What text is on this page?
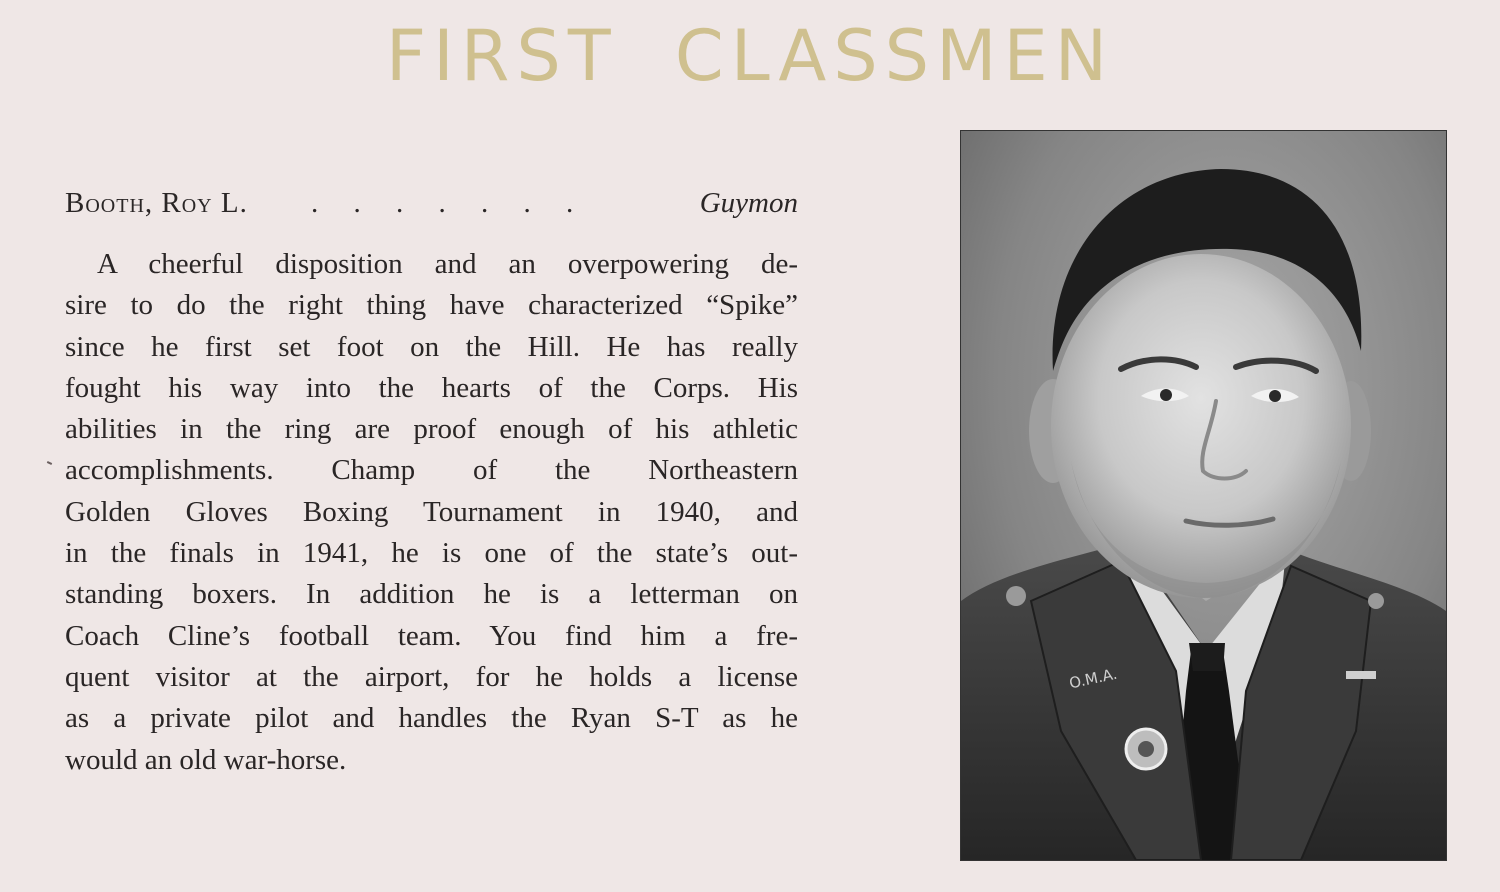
FIRST CLASSMEN
Booth, Roy L. . . . . . . .	Guymon
A cheerful disposition and an overpowering de-
sire to do the right thing have characterized “Spike”
since he first set foot on the Hill. He has really
fought his way into the hearts of the Corps. His
abilities in the ring are proof enough of his athletic
accomplishments. Champ of the Northeastern
Golden Gloves Boxing Tournament in 1940, and
in the finals in 1941, he is one of the state’s out-
standing boxers. In addition he is a letterman on
Coach Cline’s football team. You find him a fre-
quent visitor at the airport, for he holds a license
as a private pilot and handles the Ryan S-T as he
would an old war-horse.
O.M.A.
